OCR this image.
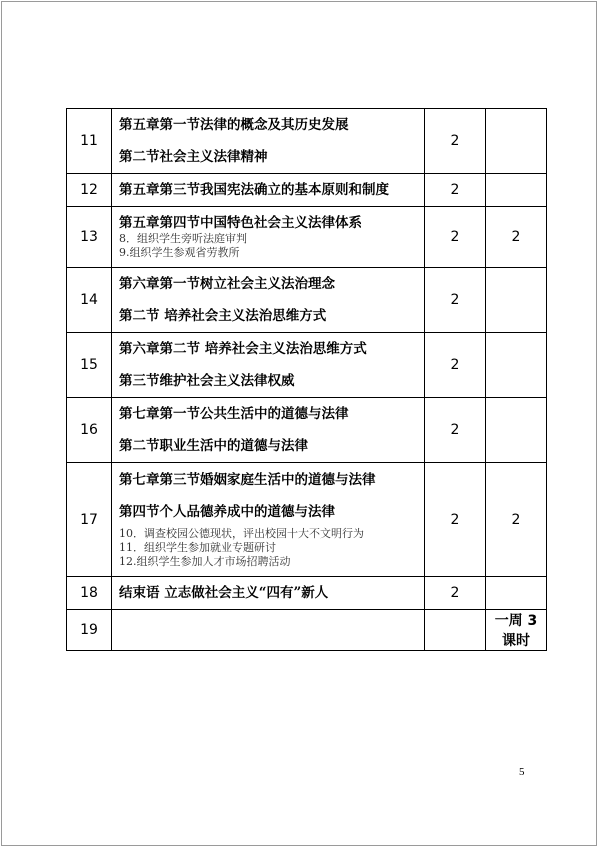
11	第五章第一节法律的概念及其历史发展
第二节社会主义法律精神	2	
12	第五章第三节我国宪法确立的基本原则和制度	2	
13	第五章第四节中国特色社会主义法律体系
8．组织学生旁听法庭审判
9.组织学生参观省劳教所	2	2
14	第六章第一节树立社会主义法治理念
第二节 培养社会主义法治思维方式	2	
15	第六章第二节 培养社会主义法治思维方式
第三节维护社会主义法律权威	2	
16	第七章第一节公共生活中的道德与法律
第二节职业生活中的道德与法律	2	
17	第七章第三节婚姻家庭生活中的道德与法律
第四节个人品德养成中的道德与法律
10．调查校园公德现状，评出校园十大不文明行为
11．组织学生参加就业专题研讨
12.组织学生参加人才市场招聘活动	2	2
18	结束语 立志做社会主义“四有”新人	2	
19			一周 3 课时
5
